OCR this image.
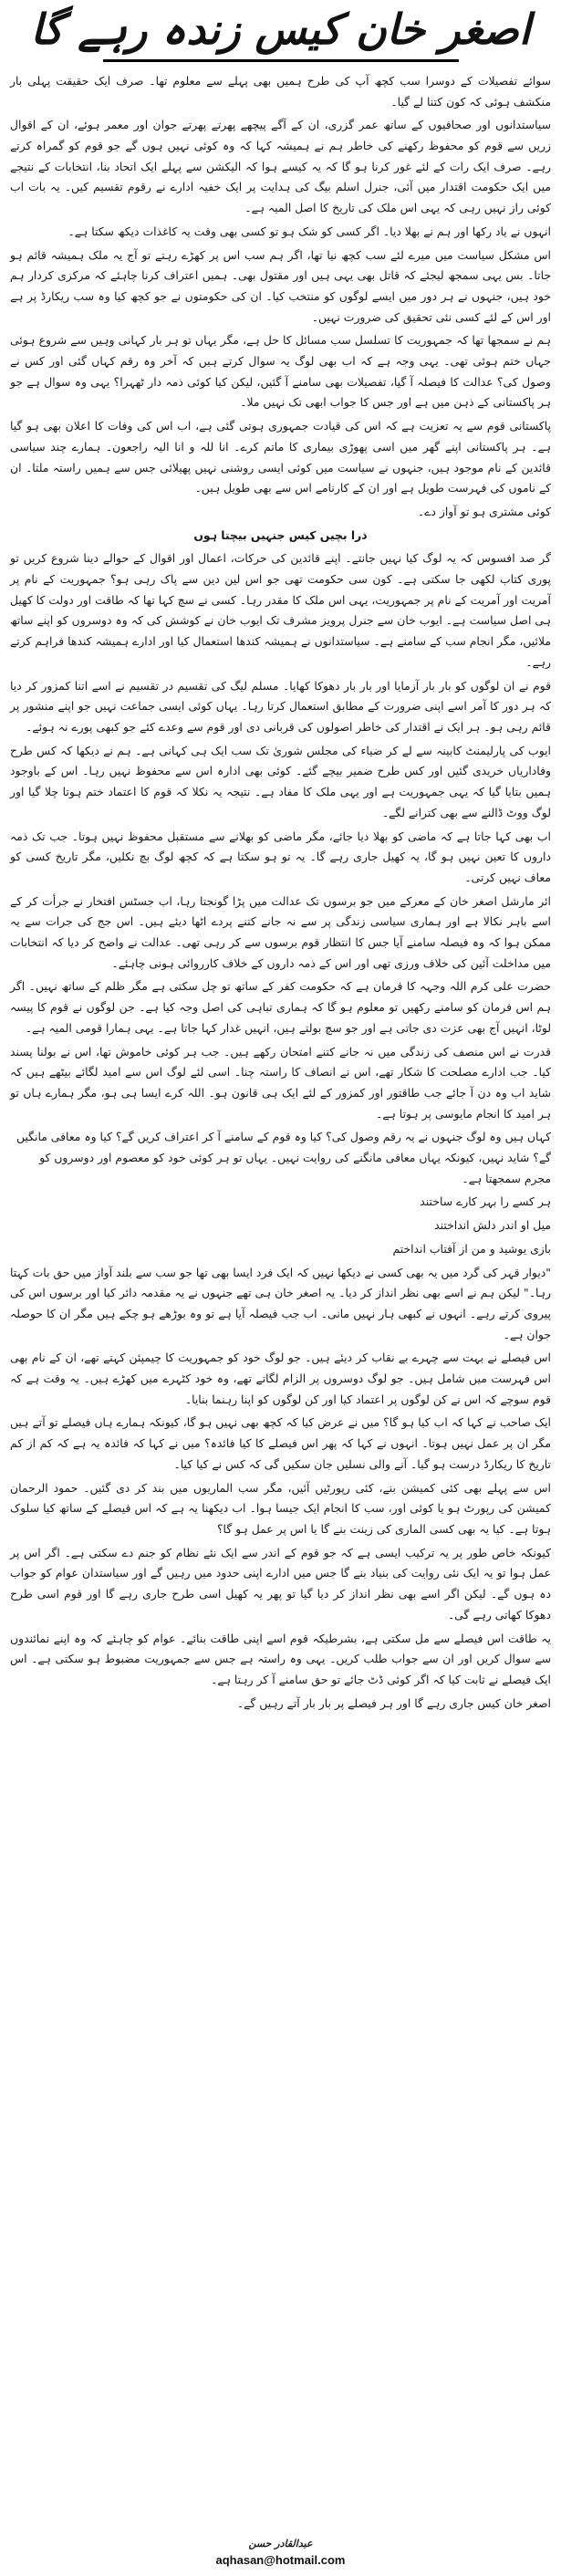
اصغر خان کیس زندہ رہے گا

سوائے تفصیلات کے دوسرا سب کچھ آپ کی طرح ہمیں بھی پہلے سے معلوم تھا۔ صرف ایک حقیقت پہلی بار منکشف ہوئی کہ کون کتنا لے گیا۔

سیاستدانوں اور صحافیوں کے ساتھ عمر گزری، ان کے آگے پیچھے پھرتے پھرتے جوان اور معمر ہوئے، ان کے اقوال زریں سے قوم کو محفوظ رکھنے کی خاطر ہم نے ہمیشہ کہا کہ وہ کوئی نہیں ہوں گے جو قوم کو گمراہ کرتے رہے۔ صرف ایک رات کے لئے غور کرنا ہو گا کہ یہ کیسے ہوا کہ الیکشن سے پہلے ایک اتحاد بنا، انتخابات کے نتیجے میں ایک حکومت اقتدار میں آئی، جنرل اسلم بیگ کی ہدایت پر ایک خفیہ ادارے نے رقوم تقسیم کیں۔ یہ بات اب کوئی راز نہیں رہی کہ یہی اس ملک کی تاریخ کا اصل المیہ ہے۔

انہوں نے یاد رکھا اور ہم نے بھلا دیا۔ اگر کسی کو شک ہو تو کسی بھی وقت یہ کاغذات دیکھ سکتا ہے۔

اس مشکل سیاست میں میرے لئے سب کچھ نیا تھا، اگر ہم سب اس پر کھڑے رہتے تو آج یہ ملک ہمیشہ قائم ہو جاتا۔ بس یہی سمجھ لیجئے کہ قاتل بھی یہی ہیں اور مقتول بھی۔ ہمیں اعتراف کرنا چاہئے کہ مرکزی کردار ہم خود ہیں، جنہوں نے ہر دور میں ایسے لوگوں کو منتخب کیا۔ ان کی حکومتوں نے جو کچھ کیا وہ سب ریکارڈ پر ہے اور اس کے لئے کسی نئی تحقیق کی ضرورت نہیں۔

ہم نے سمجھا تھا کہ جمہوریت کا تسلسل سب مسائل کا حل ہے، مگر یہاں تو ہر بار کہانی وہیں سے شروع ہوئی جہاں ختم ہوئی تھی۔ یہی وجہ ہے کہ اب بھی لوگ یہ سوال کرتے ہیں کہ آخر وہ رقم کہاں گئی اور کس نے وصول کی؟ عدالت کا فیصلہ آ گیا، تفصیلات بھی سامنے آ گئیں، لیکن کیا کوئی ذمہ دار ٹھہرا؟ یہی وہ سوال ہے جو ہر پاکستانی کے ذہن میں ہے اور جس کا جواب ابھی تک نہیں ملا۔

پاکستانی قوم سے یہ تعزیت ہے کہ اس کی قیادت جمہوری ہوتی گئی ہے، اب اس کی وفات کا اعلان بھی ہو گیا ہے۔ ہر پاکستانی اپنے گھر میں اسی پھوڑی بیماری کا ماتم کرے۔ انا للہ و انا الیہ راجعون۔ ہمارے چند سیاسی قائدین کے نام موجود ہیں، جنہوں نے سیاست میں کوئی ایسی روشنی نہیں پھیلائی جس سے ہمیں راستہ ملتا۔ ان کے ناموں کی فہرست طویل ہے اور ان کے کارنامے اس سے بھی طویل ہیں۔

کوئی مشتری ہو تو آواز دے۔

ذرا بچیں کیس جنہیں بیچتا ہوں

گر صد افسوس کہ یہ لوگ کیا نہیں جانتے۔ اپنے قائدین کی حرکات، اعمال اور اقوال کے حوالے دینا شروع کریں تو پوری کتاب لکھی جا سکتی ہے۔ کون سی حکومت تھی جو اس لین دین سے پاک رہی ہو؟ جمہوریت کے نام پر آمریت اور آمریت کے نام پر جمہوریت، یہی اس ملک کا مقدر رہا۔ کسی نے سچ کہا تھا کہ طاقت اور دولت کا کھیل ہی اصل سیاست ہے۔ ایوب خان سے جنرل پرویز مشرف تک ایوب خان نے کوشش کی کہ وہ دوسروں کو اپنے ساتھ ملائیں، مگر انجام سب کے سامنے ہے۔ سیاستدانوں نے ہمیشہ کندھا استعمال کیا اور ادارے ہمیشہ کندھا فراہم کرتے رہے۔

قوم نے ان لوگوں کو بار بار آزمایا اور بار بار دھوکا کھایا۔ مسلم لیگ کی تقسیم در تقسیم نے اسے اتنا کمزور کر دیا کہ ہر دور کا آمر اسے اپنی ضرورت کے مطابق استعمال کرتا رہا۔ یہاں کوئی ایسی جماعت نہیں جو اپنے منشور پر قائم رہی ہو۔ ہر ایک نے اقتدار کی خاطر اصولوں کی قربانی دی اور قوم سے وعدے کئے جو کبھی پورے نہ ہوئے۔

ایوب کی پارلیمنٹ کابینہ سے لے کر ضیاء کی مجلس شوریٰ تک سب ایک ہی کہانی ہے۔ ہم نے دیکھا کہ کس طرح وفاداریاں خریدی گئیں اور کس طرح ضمیر بیچے گئے۔ کوئی بھی ادارہ اس سے محفوظ نہیں رہا۔ اس کے باوجود ہمیں بتایا گیا کہ یہی جمہوریت ہے اور یہی ملک کا مفاد ہے۔ نتیجہ یہ نکلا کہ قوم کا اعتماد ختم ہوتا چلا گیا اور لوگ ووٹ ڈالنے سے بھی کترانے لگے۔

اب بھی کہا جاتا ہے کہ ماضی کو بھلا دیا جائے، مگر ماضی کو بھلانے سے مستقبل محفوظ نہیں ہوتا۔ جب تک ذمہ داروں کا تعین نہیں ہو گا، یہ کھیل جاری رہے گا۔ یہ تو ہو سکتا ہے کہ کچھ لوگ بچ نکلیں، مگر تاریخ کسی کو معاف نہیں کرتی۔

ائر مارشل اصغر خان کے معرکے میں جو برسوں تک عدالت میں پڑا گونجتا رہا، اب جسٹس افتخار نے جرأت کر کے اسے باہر نکالا ہے اور ہماری سیاسی زندگی پر سے نہ جانے کتنے پردے اٹھا دیئے ہیں۔ اس جج کی جرات سے یہ ممکن ہوا کہ وہ فیصلہ سامنے آیا جس کا انتظار قوم برسوں سے کر رہی تھی۔ عدالت نے واضح کر دیا کہ انتخابات میں مداخلت آئین کی خلاف ورزی تھی اور اس کے ذمہ داروں کے خلاف کارروائی ہونی چاہئے۔

حضرت علی کرم اللہ وجہہ کا فرمان ہے کہ حکومت کفر کے ساتھ تو چل سکتی ہے مگر ظلم کے ساتھ نہیں۔ اگر ہم اس فرمان کو سامنے رکھیں تو معلوم ہو گا کہ ہماری تباہی کی اصل وجہ کیا ہے۔ جن لوگوں نے قوم کا پیسہ لوٹا، انہیں آج بھی عزت دی جاتی ہے اور جو سچ بولتے ہیں، انہیں غدار کہا جاتا ہے۔ یہی ہمارا قومی المیہ ہے۔

قدرت نے اس منصف کی زندگی میں نہ جانے کتنے امتحان رکھے ہیں۔ جب ہر کوئی خاموش تھا، اس نے بولنا پسند کیا۔ جب ادارے مصلحت کا شکار تھے، اس نے انصاف کا راستہ چنا۔ اسی لئے لوگ اس سے امید لگائے بیٹھے ہیں کہ شاید اب وہ دن آ جائے جب طاقتور اور کمزور کے لئے ایک ہی قانون ہو۔ اللہ کرے ایسا ہی ہو، مگر ہمارے ہاں تو ہر امید کا انجام مایوسی پر ہوتا ہے۔

کہاں ہیں وہ لوگ جنہوں نے یہ رقم وصول کی؟ کیا وہ قوم کے سامنے آ کر اعتراف کریں گے؟ کیا وہ معافی مانگیں گے؟ شاید نہیں، کیونکہ یہاں معافی مانگنے کی روایت نہیں۔ یہاں تو ہر کوئی خود کو معصوم اور دوسروں کو مجرم سمجھتا ہے۔

ہر کسے را بہر کارے ساختند

میل او اندر دلش انداختند

بازی یوشید و من از آفتاب انداختم

"دیوار قہر کی گرد میں یہ بھی کسی نے دیکھا نہیں کہ ایک فرد ایسا بھی تھا جو سب سے بلند آواز میں حق بات کہتا رہا۔" لیکن ہم نے اسے بھی نظر انداز کر دیا۔ یہ اصغر خان ہی تھے جنہوں نے یہ مقدمہ دائر کیا اور برسوں اس کی پیروی کرتے رہے۔ انہوں نے کبھی ہار نہیں مانی۔ اب جب فیصلہ آیا ہے تو وہ بوڑھے ہو چکے ہیں مگر ان کا حوصلہ جوان ہے۔

اس فیصلے نے بہت سے چہرے بے نقاب کر دیئے ہیں۔ جو لوگ خود کو جمہوریت کا چیمپئن کہتے تھے، ان کے نام بھی اس فہرست میں شامل ہیں۔ جو لوگ دوسروں پر الزام لگاتے تھے، وہ خود کٹہرے میں کھڑے ہیں۔ یہ وقت ہے کہ قوم سوچے کہ اس نے کن لوگوں پر اعتماد کیا اور کن لوگوں کو اپنا رہنما بنایا۔

ایک صاحب نے کہا کہ اب کیا ہو گا؟ میں نے عرض کیا کہ کچھ بھی نہیں ہو گا، کیونکہ ہمارے ہاں فیصلے تو آتے ہیں مگر ان پر عمل نہیں ہوتا۔ انہوں نے کہا کہ پھر اس فیصلے کا کیا فائدہ؟ میں نے کہا کہ فائدہ یہ ہے کہ کم از کم تاریخ کا ریکارڈ درست ہو گیا۔ آنے والی نسلیں جان سکیں گی کہ کس نے کیا کیا۔

اس سے پہلے بھی کئی کمیشن بنے، کئی رپورٹیں آئیں، مگر سب الماریوں میں بند کر دی گئیں۔ حمود الرحمان کمیشن کی رپورٹ ہو یا کوئی اور، سب کا انجام ایک جیسا ہوا۔ اب دیکھنا یہ ہے کہ اس فیصلے کے ساتھ کیا سلوک ہوتا ہے۔ کیا یہ بھی کسی الماری کی زینت بنے گا یا اس پر عمل ہو گا؟

کیونکہ خاص طور پر یہ ترکیب ایسی ہے کہ جو قوم کے اندر سے ایک نئے نظام کو جنم دے سکتی ہے۔ اگر اس پر عمل ہوا تو یہ ایک نئی روایت کی بنیاد بنے گا جس میں ادارے اپنی حدود میں رہیں گے اور سیاستدان عوام کو جواب دہ ہوں گے۔ لیکن اگر اسے بھی نظر انداز کر دیا گیا تو پھر یہ کھیل اسی طرح جاری رہے گا اور قوم اسی طرح دھوکا کھاتی رہے گی۔

یہ طاقت اس فیصلے سے مل سکتی ہے، بشرطیکہ قوم اسے اپنی طاقت بنائے۔ عوام کو چاہئے کہ وہ اپنے نمائندوں سے سوال کریں اور ان سے جواب طلب کریں۔ یہی وہ راستہ ہے جس سے جمہوریت مضبوط ہو سکتی ہے۔ اس ایک فیصلے نے ثابت کیا کہ اگر کوئی ڈٹ جائے تو حق سامنے آ کر رہتا ہے۔

اصغر خان کیس جاری رہے گا اور ہر فیصلے پر بار بار آتے رہیں گے۔

عبدالقادر حسن
aqhasan@hotmail.com
